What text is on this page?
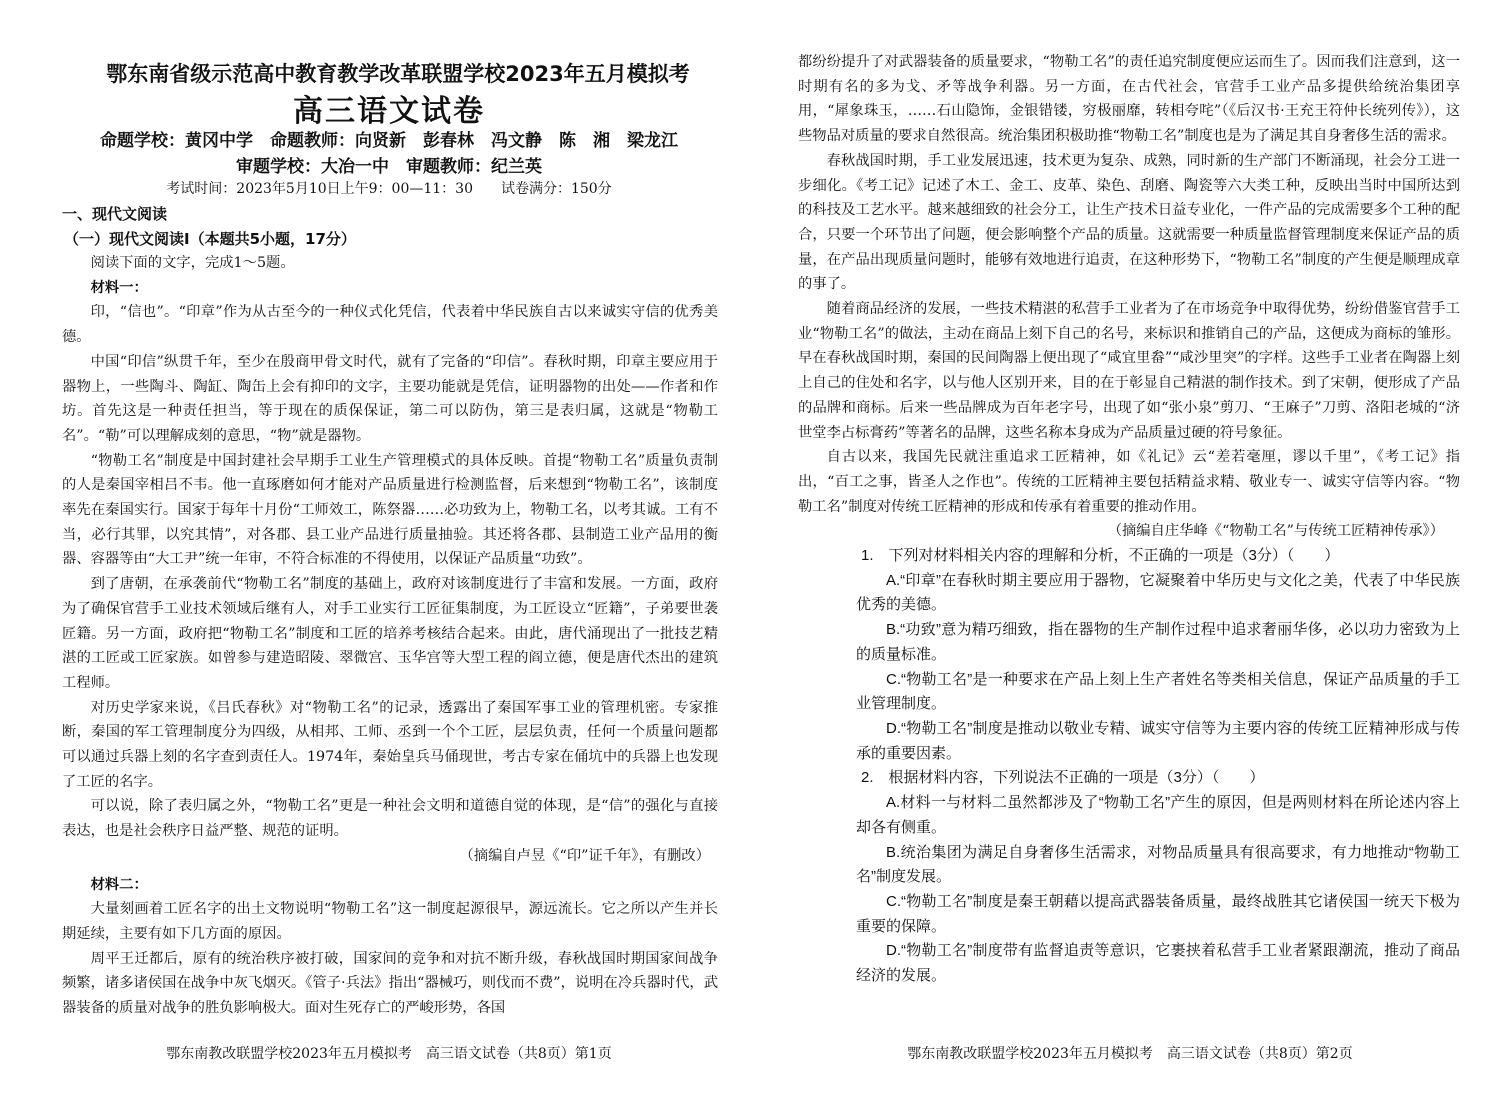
鄂东南省级示范高中教育教学改革联盟学校2023年五月模拟考
高三语文试卷
命题学校：黄冈中学　命题教师：向贤新　彭春林　冯文静　陈　湘　梁龙江
审题学校：大冶一中　审题教师：纪兰英
考试时间：2023年5月10日上午9：00—11：30　　试卷满分：150分
一、现代文阅读
（一）现代文阅读Ⅰ（本题共5小题，17分）

阅读下面的文字，完成1～5题。

材料一：

印，“信也”。“印章”作为从古至今的一种仪式化凭信，代表着中华民族自古以来诚实守信的优秀美德。

中国“印信”纵贯千年，至少在殷商甲骨文时代，就有了完备的“印信”。春秋时期，印章主要应用于器物上，一些陶斗、陶缸、陶缶上会有抑印的文字，主要功能就是凭信，证明器物的出处——作者和作坊。首先这是一种责任担当，等于现在的质保保证，第二可以防伪，第三是表归属，这就是“物勒工名”。“勒”可以理解成刻的意思，“物”就是器物。

“物勒工名”制度是中国封建社会早期手工业生产管理模式的具体反映。首提“物勒工名”质量负责制的人是秦国宰相吕不韦。他一直琢磨如何才能对产品质量进行检测监督，后来想到“物勒工名”，该制度率先在秦国实行。国家于每年十月份“工师效工，陈祭器……必功致为上，物勒工名，以考其诚。工有不当，必行其罪，以究其情”，对各郡、县工业产品进行质量抽验。其还将各郡、县制造工业产品用的衡器、容器等由“大工尹”统一年审，不符合标准的不得使用，以保证产品质量“功致”。

到了唐朝，在承袭前代“物勒工名”制度的基础上，政府对该制度进行了丰富和发展。一方面，政府为了确保官营手工业技术领域后继有人，对手工业实行工匠征集制度，为工匠设立“匠籍”，子弟要世袭匠籍。另一方面，政府把“物勒工名”制度和工匠的培养考核结合起来。由此，唐代涌现出了一批技艺精湛的工匠或工匠家族。如曾参与建造昭陵、翠微宫、玉华宫等大型工程的阎立德，便是唐代杰出的建筑工程师。

对历史学家来说，《吕氏春秋》对“物勒工名”的记录，透露出了秦国军事工业的管理机密。专家推断，秦国的军工管理制度分为四级，从相邦、工师、丞到一个个工匠，层层负责，任何一个质量问题都可以通过兵器上刻的名字查到责任人。1974年，秦始皇兵马俑现世，考古专家在俑坑中的兵器上也发现了工匠的名字。

可以说，除了表归属之外，“物勒工名”更是一种社会文明和道德自觉的体现，是“信”的强化与直接表达，也是社会秩序日益严整、规范的证明。

（摘编自卢昱《“印”证千年》，有删改）

材料二：

大量刻画着工匠名字的出土文物说明“物勒工名”这一制度起源很早，源远流长。它之所以产生并长期延续，主要有如下几方面的原因。

周平王迁都后，原有的统治秩序被打破，国家间的竞争和对抗不断升级，春秋战国时期国家间战争频繁，诸多诸侯国在战争中灰飞烟灭。《管子·兵法》指出“器械巧，则伐而不费”，说明在冷兵器时代，武器装备的质量对战争的胜负影响极大。面对生死存亡的严峻形势，各国

鄂东南教改联盟学校2023年五月模拟考　高三语文试卷（共8页）第1页

都纷纷提升了对武器装备的质量要求，“物勒工名”的责任追究制度便应运而生了。因而我们注意到，这一时期有名的多为戈、矛等战争利器。另一方面，在古代社会，官营手工业产品多提供给统治集团享用，“犀象珠玉，……石山隐饰，金银错镂，穷极丽靡，转相夸咤”（《后汉书·王充王符仲长统列传》），这些物品对质量的要求自然很高。统治集团积极助推“物勒工名”制度也是为了满足其自身奢侈生活的需求。

春秋战国时期，手工业发展迅速，技术更为复杂、成熟，同时新的生产部门不断涌现，社会分工进一步细化。《考工记》记述了木工、金工、皮革、染色、刮磨、陶瓷等六大类工种，反映出当时中国所达到的科技及工艺水平。越来越细致的社会分工，让生产技术日益专业化，一件产品的完成需要多个工种的配合，只要一个环节出了问题，便会影响整个产品的质量。这就需要一种质量监督管理制度来保证产品的质量，在产品出现质量问题时，能够有效地进行追责，在这种形势下，“物勒工名”制度的产生便是顺理成章的事了。

随着商品经济的发展，一些技术精湛的私营手工业者为了在市场竞争中取得优势，纷纷借鉴官营手工业“物勒工名”的做法，主动在商品上刻下自己的名号，来标识和推销自己的产品，这便成为商标的雏形。早在春秋战国时期，秦国的民间陶器上便出现了“咸宜里畚”“咸沙里突”的字样。这些手工业者在陶器上刻上自己的住处和名字，以与他人区别开来，目的在于彰显自己精湛的制作技术。到了宋朝，便形成了产品的品牌和商标。后来一些品牌成为百年老字号，出现了如“张小泉”剪刀、“王麻子”刀剪、洛阳老城的“济世堂李占标膏药”等著名的品牌，这些名称本身成为产品质量过硬的符号象征。

自古以来，我国先民就注重追求工匠精神，如《礼记》云“差若毫厘，谬以千里”，《考工记》指出，“百工之事，皆圣人之作也”。传统的工匠精神主要包括精益求精、敬业专一、诚实守信等内容。“物勒工名”制度对传统工匠精神的形成和传承有着重要的推动作用。

（摘编自庄华峰《“物勒工名”与传统工匠精神传承》）

1.　下列对材料相关内容的理解和分析，不正确的一项是（3分）（　　）

A.“印章”在春秋时期主要应用于器物，它凝聚着中华历史与文化之美，代表了中华民族优秀的美德。

B.“功致”意为精巧细致，指在器物的生产制作过程中追求奢丽华侈，必以功力密致为上的质量标准。

C.“物勒工名”是一种要求在产品上刻上生产者姓名等类相关信息，保证产品质量的手工业管理制度。

D.“物勒工名”制度是推动以敬业专精、诚实守信等为主要内容的传统工匠精神形成与传承的重要因素。

2.　根据材料内容，下列说法不正确的一项是（3分）（　　）

A.材料一与材料二虽然都涉及了“物勒工名”产生的原因，但是两则材料在所论述内容上却各有侧重。

B.统治集团为满足自身奢侈生活需求，对物品质量具有很高要求，有力地推动“物勒工名”制度发展。

C.“物勒工名”制度是秦王朝藉以提高武器装备质量，最终战胜其它诸侯国一统天下极为重要的保障。

D.“物勒工名”制度带有监督追责等意识，它裹挟着私营手工业者紧跟潮流，推动了商品经济的发展。

鄂东南教改联盟学校2023年五月模拟考　高三语文试卷（共8页）第2页
